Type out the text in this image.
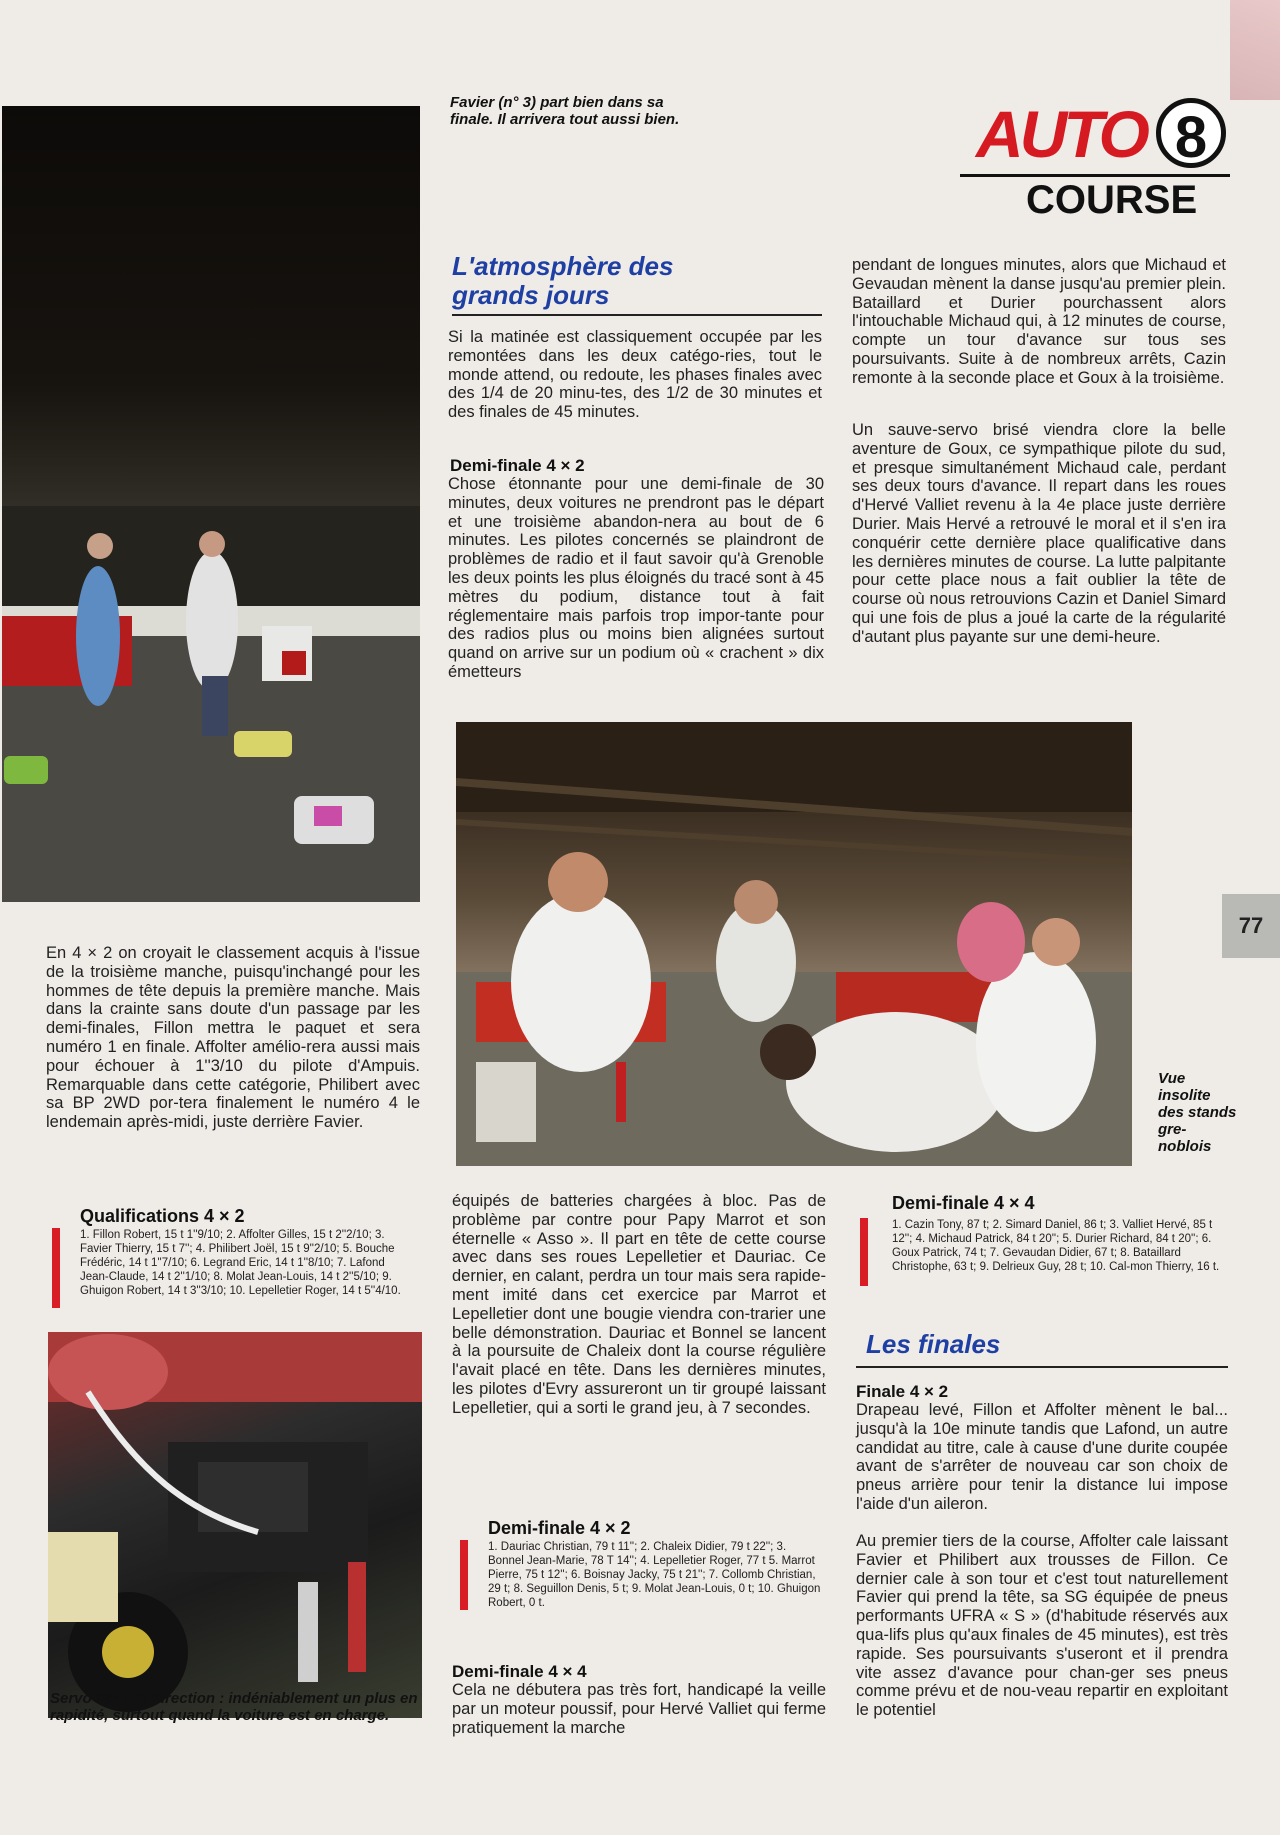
Favier (n° 3) part bien dans sa finale. Il arrivera tout aussi bien.	AUTO 8
COURSE
L'atmosphère des grands jours
Si la matinée est classiquement occupée par les remontées dans les deux catégo-ries, tout le monde attend, ou redoute, les phases finales avec des 1/4 de 20 minu-tes, des 1/2 de 30 minutes et des finales de 45 minutes.
Demi-finale 4 × 2
Chose étonnante pour une demi-finale de 30 minutes, deux voitures ne prendront pas le départ et une troisième abandon-nera au bout de 6 minutes. Les pilotes concernés se plaindront de problèmes de radio et il faut savoir qu'à Grenoble les deux points les plus éloignés du tracé sont à 45 mètres du podium, distance tout à fait réglementaire mais parfois trop impor-tante pour des radios plus ou moins bien alignées surtout quand on arrive sur un podium où « crachent » dix émetteurs
pendant de longues minutes, alors que Michaud et Gevaudan mènent la danse jusqu'au premier plein. Bataillard et Durier pourchassent alors l'intouchable Michaud qui, à 12 minutes de course, compte un tour d'avance sur tous ses poursuivants. Suite à de nombreux arrêts, Cazin remonte à la seconde place et Goux à la troisième.
Un sauve-servo brisé viendra clore la belle aventure de Goux, ce sympathique pilote du sud, et presque simultanément Michaud cale, perdant ses deux tours d'avance. Il repart dans les roues d'Hervé Valliet revenu à la 4e place juste derrière Durier. Mais Hervé a retrouvé le moral et il s'en ira conquérir cette dernière place qualificative dans les dernières minutes de course. La lutte palpitante pour cette place nous a fait oublier la tête de course où nous retrouvions Cazin et Daniel Simard qui une fois de plus a joué la carte de la régularité d'autant plus payante sur une demi-heure.
Vue insolite des stands gre-noblois
77
En 4 × 2 on croyait le classement acquis à l'issue de la troisième manche, puisqu'inchangé pour les hommes de tête depuis la première manche. Mais dans la crainte sans doute d'un passage par les demi-finales, Fillon mettra le paquet et sera numéro 1 en finale. Affolter amélio-rera aussi mais pour échouer à 1''3/10 du pilote d'Ampuis. Remarquable dans cette catégorie, Philibert avec sa BP 2WD por-tera finalement le numéro 4 le lendemain après-midi, juste derrière Favier.
Qualifications 4 × 2
1. Fillon Robert, 15 t 1''9/10; 2. Affolter Gilles, 15 t 2''2/10; 3. Favier Thierry, 15 t 7''; 4. Philibert Joël, 15 t 9''2/10; 5. Bouche Frédéric, 14 t 1''7/10; 6. Legrand Eric, 14 t 1''8/10; 7. Lafond Jean-Claude, 14 t 2''1/10; 8. Molat Jean-Louis, 14 t 2''5/10; 9. Ghuigon Robert, 14 t 3''3/10; 10. Lepelletier Roger, 14 t 5''4/10.
Servo Fet à la direction : indéniablement un plus en rapidité, surtout quand la voiture est en charge.
équipés de batteries chargées à bloc. Pas de problème par contre pour Papy Marrot et son éternelle « Asso ». Il part en tête de cette course avec dans ses roues Lepelletier et Dauriac. Ce dernier, en calant, perdra un tour mais sera rapide-ment imité dans cet exercice par Marrot et Lepelletier dont une bougie viendra con-trarier une belle démonstration. Dauriac et Bonnel se lancent à la poursuite de Chaleix dont la course régulière l'avait placé en tête. Dans les dernières minutes, les pilotes d'Evry assureront un tir groupé laissant Lepelletier, qui a sorti le grand jeu, à 7 secondes.
Demi-finale 4 × 2
1. Dauriac Christian, 79 t 11''; 2. Chaleix Didier, 79 t 22''; 3. Bonnel Jean-Marie, 78 T 14''; 4. Lepelletier Roger, 77 t 5. Marrot Pierre, 75 t 12''; 6. Boisnay Jacky, 75 t 21''; 7. Collomb Christian, 29 t; 8. Seguillon Denis, 5 t; 9. Molat Jean-Louis, 0 t; 10. Ghuigon Robert, 0 t.
Demi-finale 4 × 4
Cela ne débutera pas très fort, handicapé la veille par un moteur poussif, pour Hervé Valliet qui ferme pratiquement la marche
Demi-finale 4 × 4
1. Cazin Tony, 87 t; 2. Simard Daniel, 86 t; 3. Valliet Hervé, 85 t 12''; 4. Michaud Patrick, 84 t 20''; 5. Durier Richard, 84 t 20''; 6. Goux Patrick, 74 t; 7. Gevaudan Didier, 67 t; 8. Bataillard Christophe, 63 t; 9. Delrieux Guy, 28 t; 10. Cal-mon Thierry, 16 t.
Les finales
Finale 4 × 2
Drapeau levé, Fillon et Affolter mènent le bal... jusqu'à la 10e minute tandis que Lafond, un autre candidat au titre, cale à cause d'une durite coupée avant de s'arrêter de nouveau car son choix de pneus arrière pour tenir la distance lui impose l'aide d'un aileron.
Au premier tiers de la course, Affolter cale laissant Favier et Philibert aux trousses de Fillon. Ce dernier cale à son tour et c'est tout naturellement Favier qui prend la tête, sa SG équipée de pneus performants UFRA « S » (d'habitude réservés aux qua-lifs plus qu'aux finales de 45 minutes), est très rapide. Ses poursuivants s'useront et il prendra vite assez d'avance pour chan-ger ses pneus comme prévu et de nou-veau repartir en exploitant le potentiel
